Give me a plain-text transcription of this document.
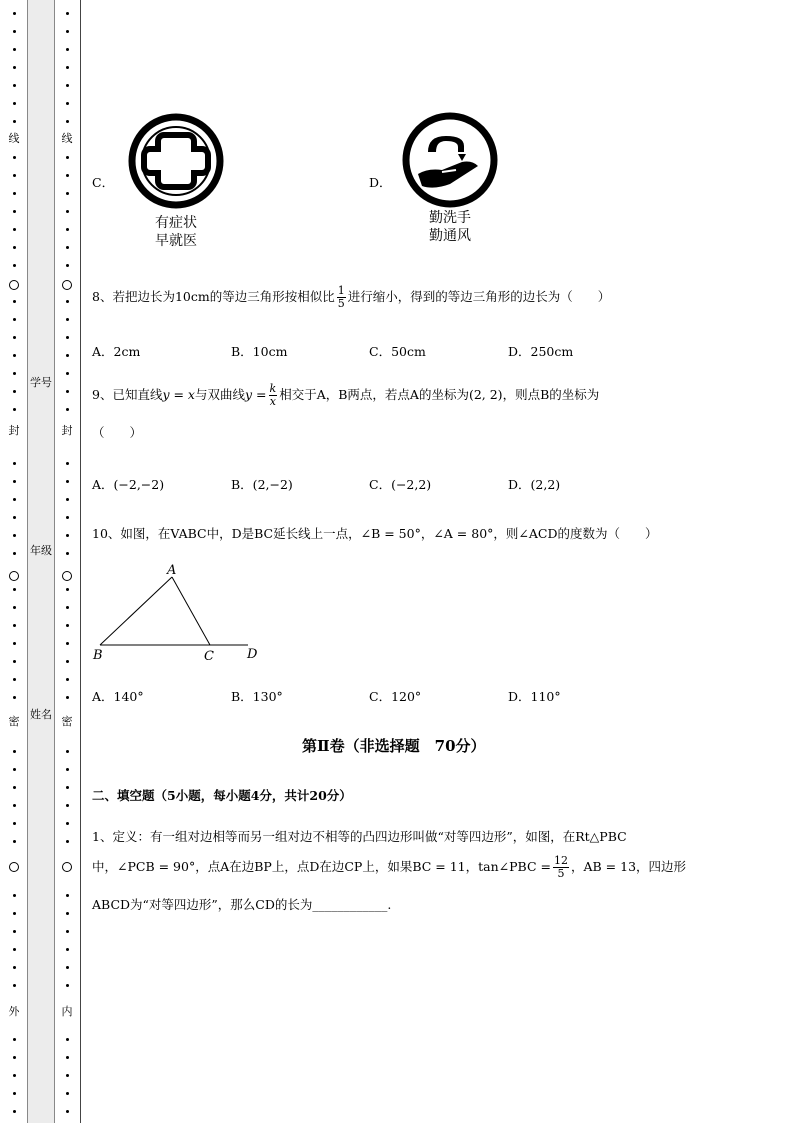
线
封
密
外
学号
年级
姓名
线
封
密
内
C．
有症状
早就医
D．
勤洗手
勤通风
8、若把边长为10cm的等边三角形按相似比 $\frac{1}{5}$ 进行缩小，得到的等边三角形的边长为（　　）
A．2cm	B．10cm	C．50cm	D．250cm
9、已知直线y = x与双曲线$y = \frac{k}{x}$ 相交于A，B两点，若点A的坐标为(2, 2)，则点B的坐标为
（　　）
A．(−2,−2)	B．(2,−2)	C．(−2,2)	D．(2,2)
10、如图，在VABC中，D是BC延长线上一点，∠B = 50°，∠A = 80°，则∠ACD的度数为（　　）
A
B	C	D
A．140°	B．130°	C．120°	D．110°
第Ⅱ卷（非选择题　70分）
二、填空题（5小题，每小题4分，共计20分）
1、定义：有一组对边相等而另一组对边不相等的凸四边形叫做“对等四边形”，如图，在Rt△PBC
中，∠PCB = 90°，点A在边BP上，点D在边CP上，如果BC = 11，tan∠PBC = $\frac{12}{5}$ ，AB = 13，四边形
ABCD为“对等四边形”，那么CD的长为____________.
